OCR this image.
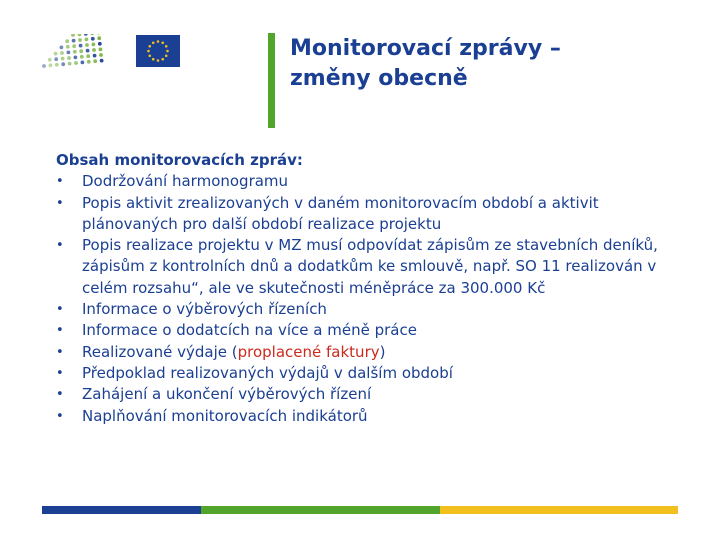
Monitorovací zprávy –
změny obecně

Obsah monitorovacích zpráv:

•	Dodržování harmonogramu
•	Popis aktivit zrealizovaných v daném monitorovacím období a aktivit plánovaných pro další období realizace projektu
•	Popis realizace projektu v MZ musí odpovídat zápisům ze stavebních deníků, zápisům z kontrolních dnů a dodatkům ke smlouvě, např. SO 11 realizován v celém rozsahu“, ale ve skutečnosti méněpráce za 300.000 Kč
•	Informace o výběrových řízeních
•	Informace o dodatcích na více a méně práce
•	Realizované výdaje (proplacené faktury)
•	Předpoklad realizovaných výdajů v dalším období
•	Zahájení a ukončení výběrových řízení
•	Naplňování monitorovacích indikátorů
